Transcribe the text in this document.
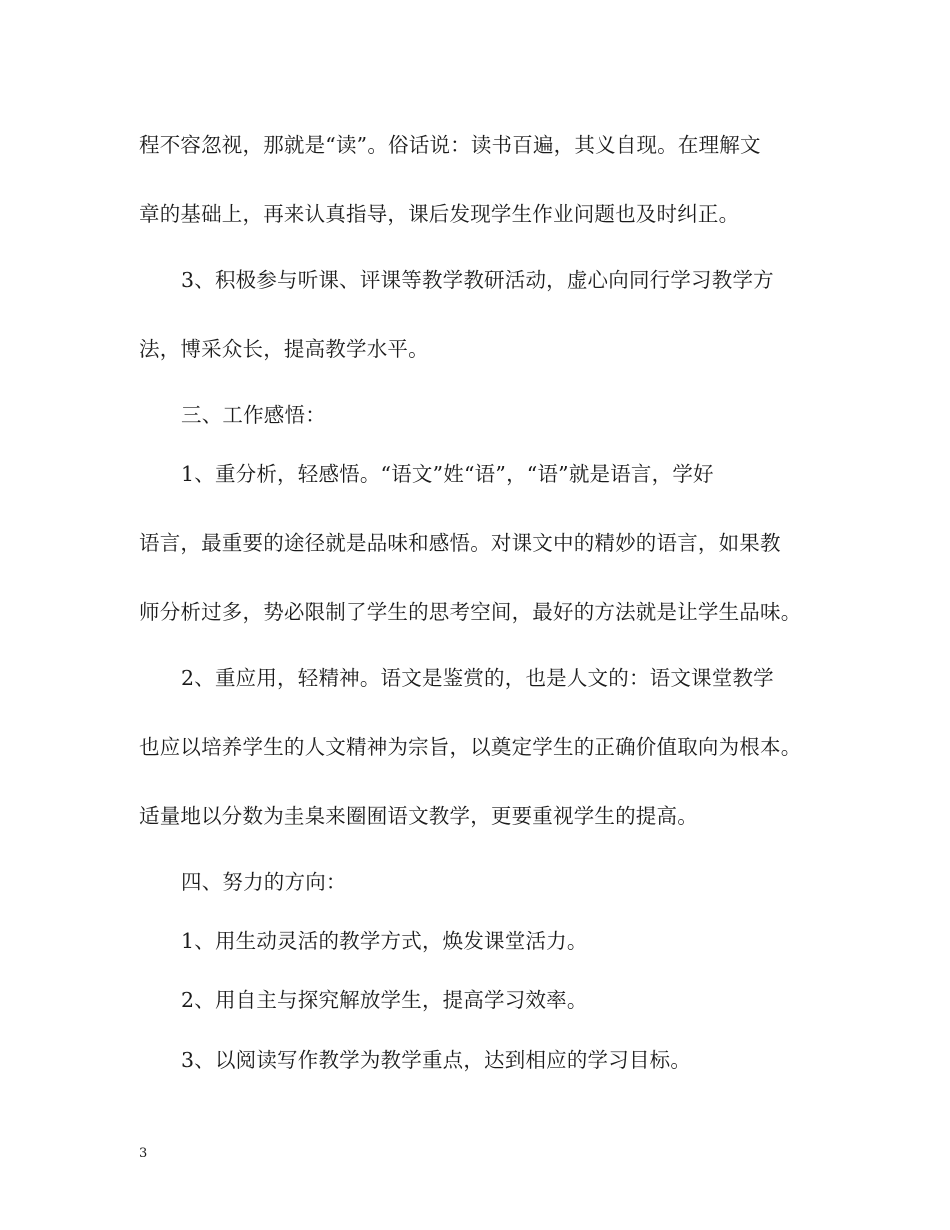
程不容忽视，那就是“读”。俗话说：读书百遍，其义自现。在理解文
章的基础上，再来认真指导，课后发现学生作业问题也及时纠正。
3、积极参与听课、评课等教学教研活动，虚心向同行学习教学方
法，博采众长，提高教学水平。
三、工作感悟：
1、重分析，轻感悟。“语文”姓“语”，“语”就是语言，学好
语言，最重要的途径就是品味和感悟。对课文中的精妙的语言，如果教
师分析过多，势必限制了学生的思考空间，最好的方法就是让学生品味。
2、重应用，轻精神。语文是鉴赏的，也是人文的：语文课堂教学
也应以培养学生的人文精神为宗旨，以奠定学生的正确价值取向为根本。
适量地以分数为圭臬来圈囿语文教学，更要重视学生的提高。
四、努力的方向：
1、用生动灵活的教学方式，焕发课堂活力。
2、用自主与探究解放学生，提高学习效率。
3、以阅读写作教学为教学重点，达到相应的学习目标。
3
